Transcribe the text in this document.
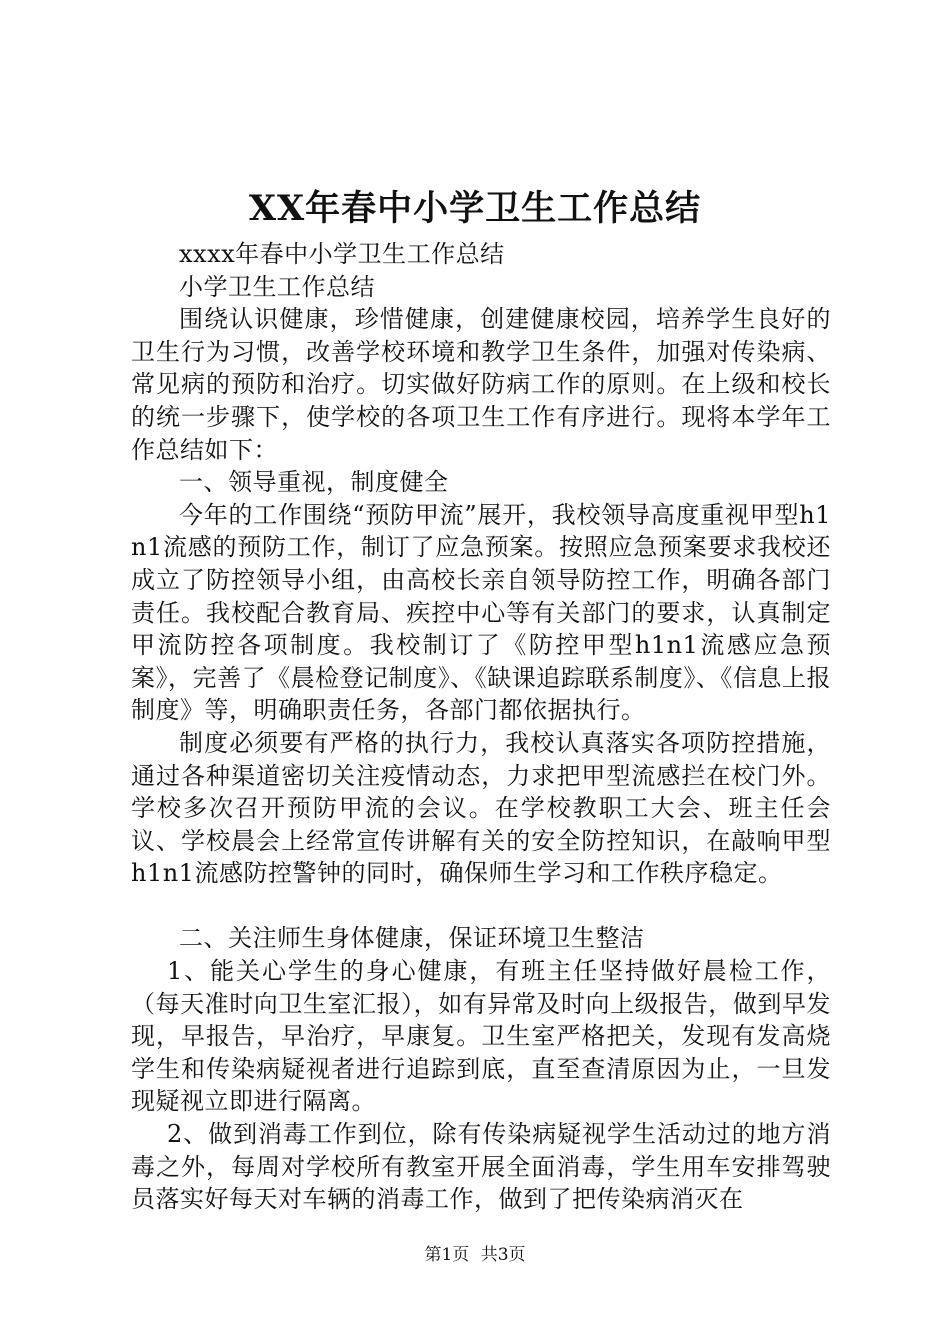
XX年春中小学卫生工作总结

xxxx年春中小学卫生工作总结

小学卫生工作总结

围绕认识健康，珍惜健康，创建健康校园，培养学生良好的卫生行为习惯，改善学校环境和教学卫生条件，加强对传染病、常见病的预防和治疗。切实做好防病工作的原则。在上级和校长的统一步骤下，使学校的各项卫生工作有序进行。现将本学年工作总结如下：

一、领导重视，制度健全

今年的工作围绕“预防甲流”展开，我校领导高度重视甲型h1n1流感的预防工作，制订了应急预案。按照应急预案要求我校还成立了防控领导小组，由高校长亲自领导防控工作，明确各部门责任。我校配合教育局、疾控中心等有关部门的要求，认真制定甲流防控各项制度。我校制订了《防控甲型h1n1流感应急预案》，完善了《晨检登记制度》、《缺课追踪联系制度》、《信息上报制度》等，明确职责任务，各部门都依据执行。

制度必须要有严格的执行力，我校认真落实各项防控措施，通过各种渠道密切关注疫情动态，力求把甲型流感拦在校门外。学校多次召开预防甲流的会议。在学校教职工大会、班主任会议、学校晨会上经常宣传讲解有关的安全防控知识，在敲响甲型h1n1流感防控警钟的同时，确保师生学习和工作秩序稳定。

二、关注师生身体健康，保证环境卫生整洁

1、能关心学生的身心健康，有班主任坚持做好晨检工作，（每天准时向卫生室汇报），如有异常及时向上级报告，做到早发现，早报告，早治疗，早康复。卫生室严格把关，发现有发高烧学生和传染病疑视者进行追踪到底，直至查清原因为止，一旦发现疑视立即进行隔离。

2、做到消毒工作到位，除有传染病疑视学生活动过的地方消毒之外，每周对学校所有教室开展全面消毒，学生用车安排驾驶员落实好每天对车辆的消毒工作，做到了把传染病消灭在

第1页 共3页
